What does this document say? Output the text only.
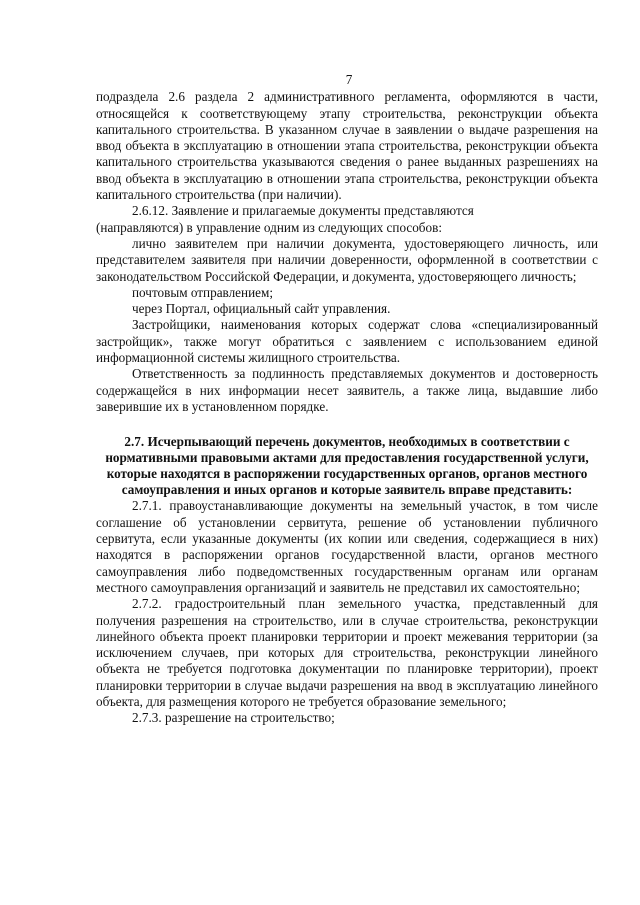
7

подраздела 2.6 раздела 2 административного регламента, оформляются в части, относящейся к соответствующему этапу строительства, реконструкции объекта капитального строительства. В указанном случае в заявлении о выдаче разрешения на ввод объекта в эксплуатацию в отношении этапа строительства, реконструкции объекта капитального строительства указываются сведения о ранее выданных разрешениях на ввод объекта в эксплуатацию в отношении этапа строительства, реконструкции объекта капитального строительства (при наличии).

2.6.12. Заявление и прилагаемые документы представляются

(направляются) в управление одним из следующих способов:

лично заявителем при наличии документа, удостоверяющего личность, или представителем заявителя при наличии доверенности, оформленной в соответствии с законодательством Российской Федерации, и документа, удостоверяющего личность;

почтовым отправлением;

через Портал, официальный сайт управления.

Застройщики, наименования которых содержат слова «специализированный застройщик», также могут обратиться с заявлением с использованием единой информационной системы жилищного строительства.

Ответственность за подлинность представляемых документов и достоверность содержащейся в них информации несет заявитель, а также лица, выдавшие либо заверившие их в установленном порядке.

2.7. Исчерпывающий перечень документов, необходимых в соответствии с нормативными правовыми актами для предоставления государственной услуги, которые находятся в распоряжении государственных органов, органов местного самоуправления и иных органов и которые заявитель вправе представить:

2.7.1. правоустанавливающие документы на земельный участок, в том числе соглашение об установлении сервитута, решение об установлении публичного сервитута, если указанные документы (их копии или сведения, содержащиеся в них) находятся в распоряжении органов государственной власти, органов местного самоуправления либо подведомственных государственным органам или органам местного самоуправления организаций и заявитель не представил их самостоятельно;

2.7.2. градостроительный план земельного участка, представленный для получения разрешения на строительство, или в случае строительства, реконструкции линейного объекта проект планировки территории и проект межевания территории (за исключением случаев, при которых для строительства, реконструкции линейного объекта не требуется подготовка документации по планировке территории), проект планировки территории в случае выдачи разрешения на ввод в эксплуатацию линейного объекта, для размещения которого не требуется образование земельного;

2.7.3. разрешение на строительство;
